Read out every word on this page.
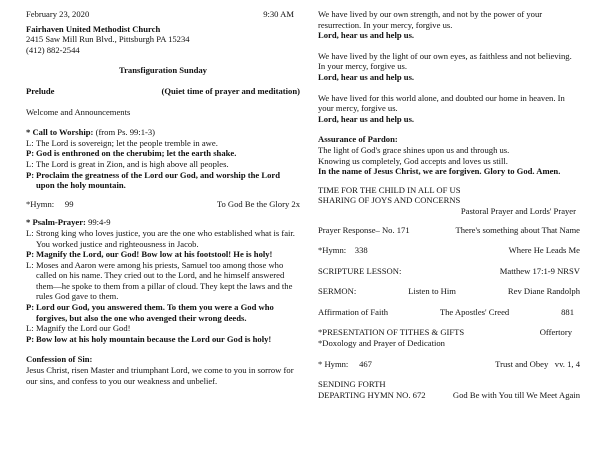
February 23, 2020	9:30 AM
Fairhaven United Methodist Church
2415 Saw Mill Run Blvd., Pittsburgh PA 15234
(412) 882-2544
Transfiguration Sunday
Prelude	(Quiet time of prayer and meditation)
Welcome and Announcements
* Call to Worship: (from Ps. 99:1-3)
L: The Lord is sovereign; let the people tremble in awe.
P: God is enthroned on the cherubim; let the earth shake.
L: The Lord is great in Zion, and is high above all peoples.
P: Proclaim the greatness of the Lord our God, and worship the Lord upon the holy mountain.
*Hymn: 99	To God Be the Glory 2x
* Psalm-Prayer: 99:4-9
L: Strong king who loves justice, you are the one who established what is fair. You worked justice and righteousness in Jacob.
P: Magnify the Lord, our God! Bow low at his footstool! He is holy!
L: Moses and Aaron were among his priests, Samuel too among those who called on his name. They cried out to the Lord, and he himself answered them—he spoke to them from a pillar of cloud. They kept the laws and the rules God gave to them.
P: Lord our God, you answered them. To them you were a God who forgives, but also the one who avenged their wrong deeds.
L: Magnify the Lord our God!
P: Bow low at his holy mountain because the Lord our God is holy!
Confession of Sin:
Jesus Christ, risen Master and triumphant Lord, we come to you in sorrow for our sins, and confess to you our weakness and unbelief.
We have lived by our own strength, and not by the power of your resurrection. In your mercy, forgive us.
Lord, hear us and help us.
We have lived by the light of our own eyes, as faithless and not believing. In your mercy, forgive us.
Lord, hear us and help us.
We have lived for this world alone, and doubted our home in heaven. In your mercy, forgive us.
Lord, hear us and help us.
Assurance of Pardon:
The light of God's grace shines upon us and through us.
Knowing us completely, God accepts and loves us still.
In the name of Jesus Christ, we are forgiven. Glory to God. Amen.
TIME FOR THE CHILD IN ALL OF US
SHARING OF JOYS AND CONCERNS
Pastoral Prayer and Lords' Prayer
Prayer Response– No. 171	There's something about That Name
*Hymn: 338	Where He Leads Me
SCRIPTURE LESSON:	Matthew 17:1-9 NRSV
SERMON:	Listen to Him	Rev Diane Randolph
Affirmation of Faith	The Apostles' Creed	881
*PRESENTATION OF TITHES & GIFTS	Offertory
*Doxology and Prayer of Dedication
* Hymn: 467	Trust and Obey vv. 1, 4
SENDING FORTH
DEPARTING HYMN NO. 672	God Be with You till We Meet Again
